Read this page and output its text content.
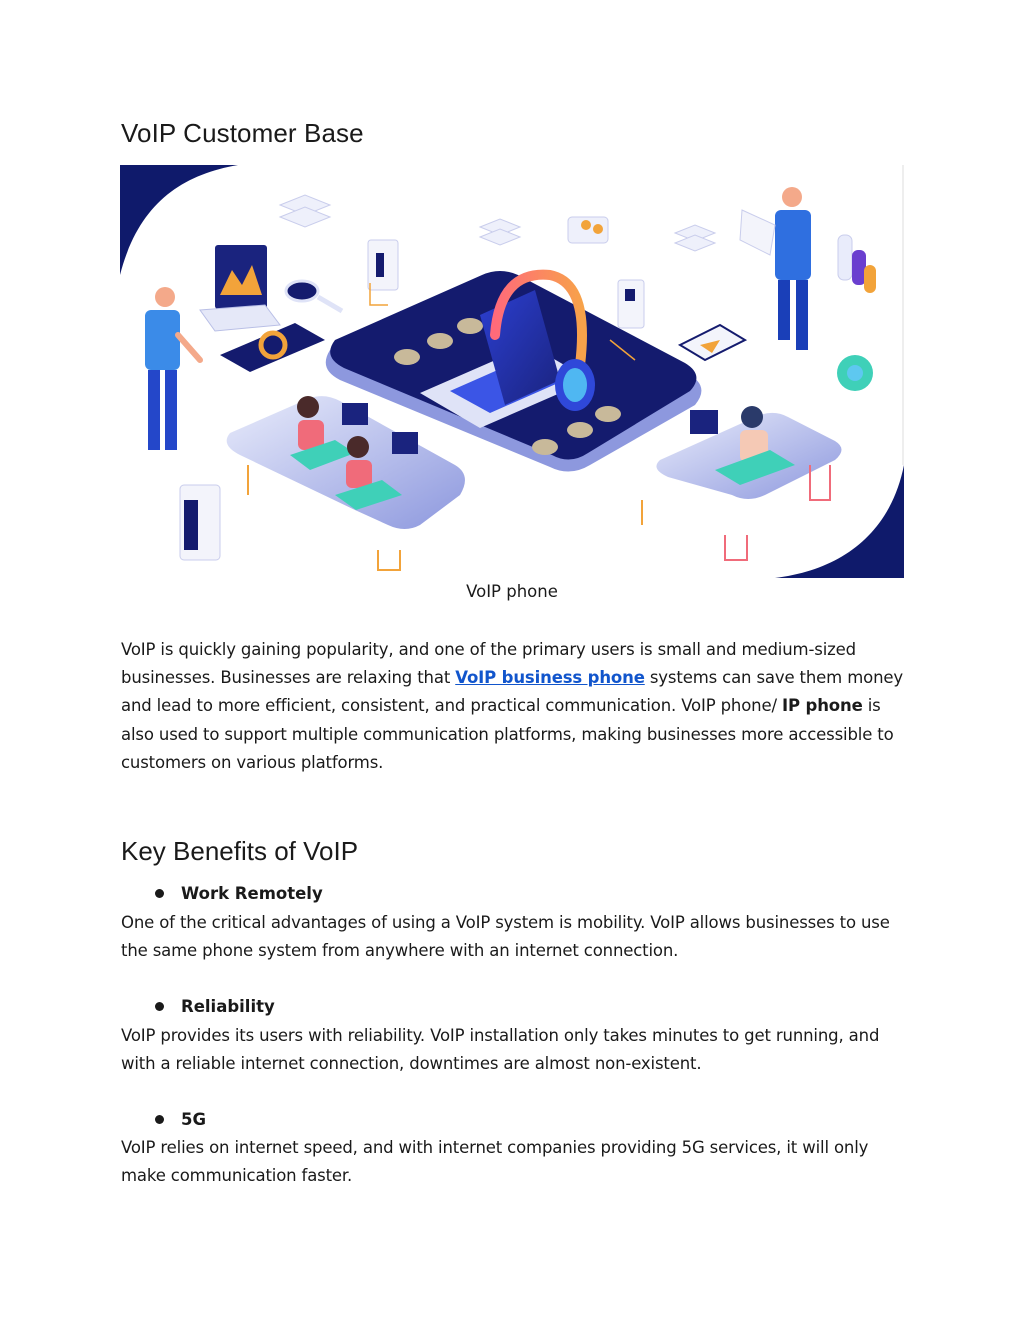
VoIP Customer Base
VoIP phone

VoIP is quickly gaining popularity, and one of the primary users is small and medium-sized businesses. Businesses are relaxing that VoIP business phone systems can save them money and lead to more efficient, consistent, and practical communication. VoIP phone/ IP phone is also used to support multiple communication platforms, making businesses more accessible to customers on various platforms.

Key Benefits of VoIP
Work Remotely

One of the critical advantages of using a VoIP system is mobility. VoIP allows businesses to use the same phone system from anywhere with an internet connection.

Reliability

VoIP provides its users with reliability. VoIP installation only takes minutes to get running, and with a reliable internet connection, downtimes are almost non-existent.

5G

VoIP relies on internet speed, and with internet companies providing 5G services, it will only make communication faster.
